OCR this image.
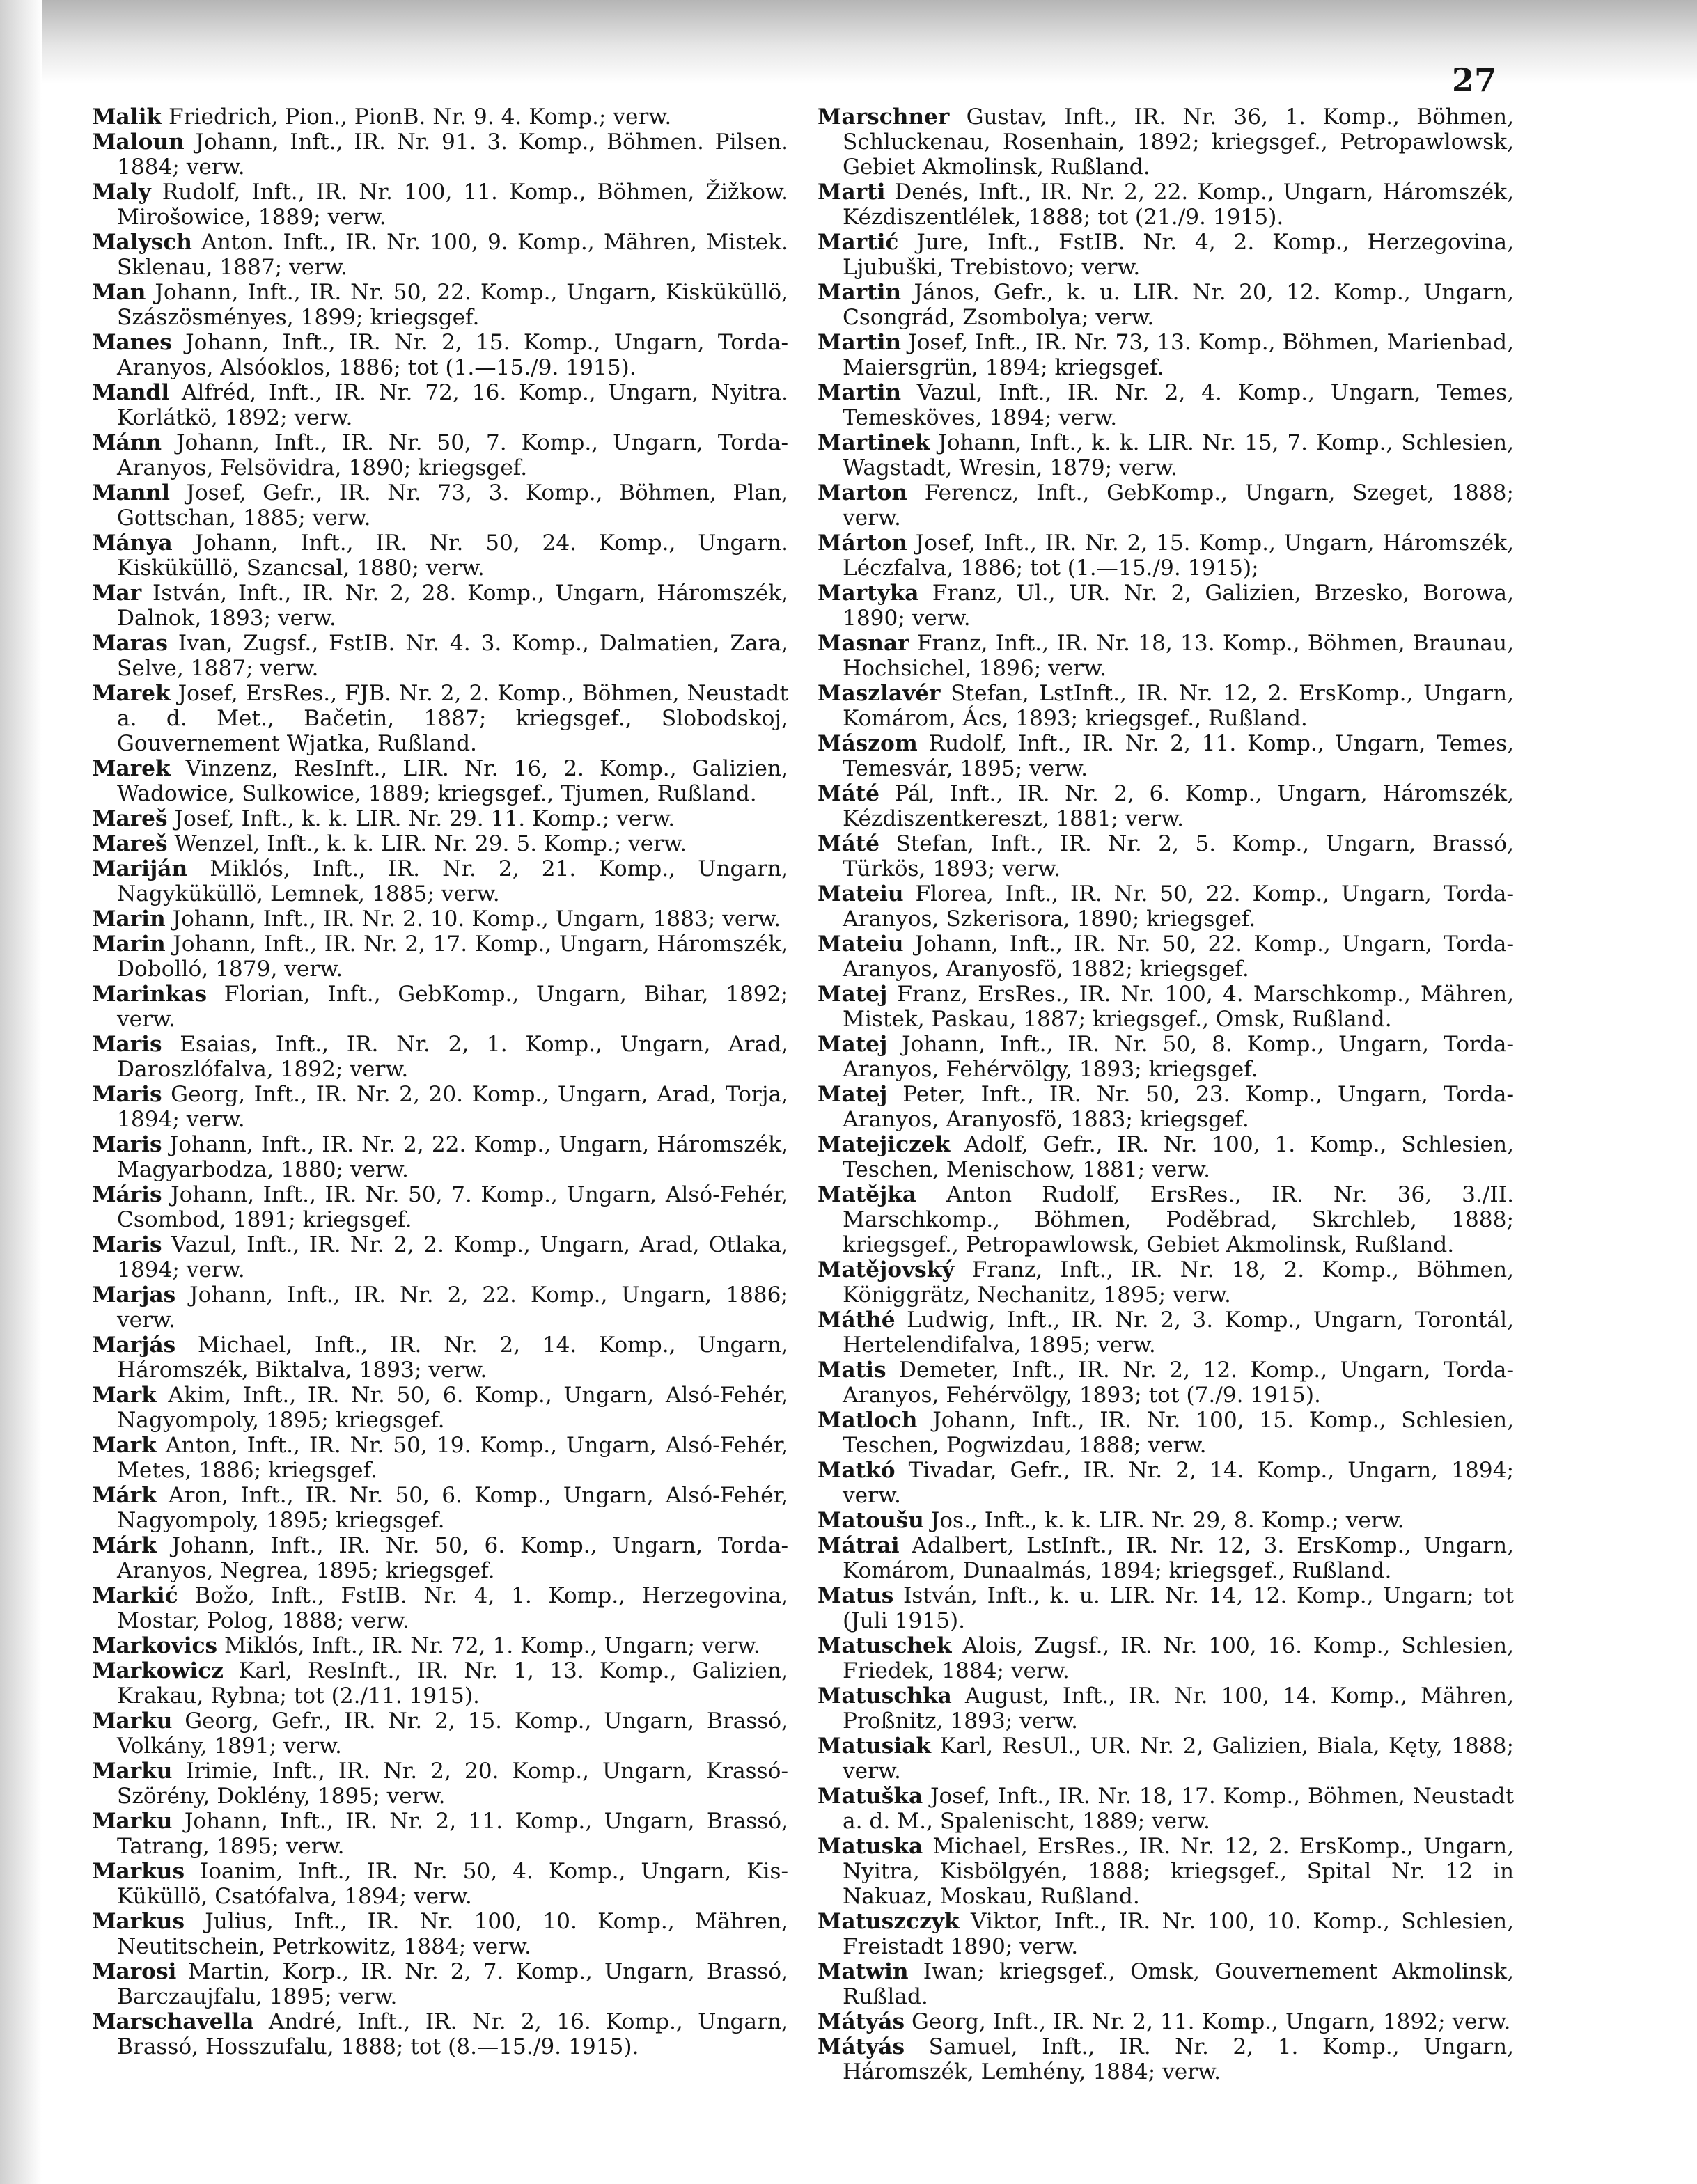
27

Malik Friedrich, Pion., PionB. Nr. 9. 4. Komp.; verw.

Maloun Johann, Inft., IR. Nr. 91. 3. Komp., Böhmen. Pilsen. 1884; verw.

Maly Rudolf, Inft., IR. Nr. 100, 11. Komp., Böhmen, Žižkow. Mirošowice, 1889; verw.

Malysch Anton. Inft., IR. Nr. 100, 9. Komp., Mähren, Mistek. Sklenau, 1887; verw.

Man Johann, Inft., IR. Nr. 50, 22. Komp., Ungarn, Kisküküllö, Szászösményes, 1899; kriegsgef.

Manes Johann, Inft., IR. Nr. 2, 15. Komp., Ungarn, Torda-Aranyos, Alsóoklos, 1886; tot (1.—15./9. 1915).

Mandl Alfréd, Inft., IR. Nr. 72, 16. Komp., Ungarn, Nyitra. Korlátkö, 1892; verw.

Mánn Johann, Inft., IR. Nr. 50, 7. Komp., Ungarn, Torda-Aranyos, Felsövidra, 1890; kriegsgef.

Mannl Josef, Gefr., IR. Nr. 73, 3. Komp., Böhmen, Plan, Gottschan, 1885; verw.

Mánya Johann, Inft., IR. Nr. 50, 24. Komp., Ungarn. Kisküküllö, Szancsal, 1880; verw.

Mar István, Inft., IR. Nr. 2, 28. Komp., Ungarn, Háromszék, Dalnok, 1893; verw.

Maras Ivan, Zugsf., FstIB. Nr. 4. 3. Komp., Dalmatien, Zara, Selve, 1887; verw.

Marek Josef, ErsRes., FJB. Nr. 2, 2. Komp., Böhmen, Neustadt a. d. Met., Bačetin, 1887; kriegsgef., Slobodskoj, Gouvernement Wjatka, Rußland.

Marek Vinzenz, ResInft., LIR. Nr. 16, 2. Komp., Galizien, Wadowice, Sulkowice, 1889; kriegsgef., Tjumen, Rußland.

Mareš Josef, Inft., k. k. LIR. Nr. 29. 11. Komp.; verw.

Mareš Wenzel, Inft., k. k. LIR. Nr. 29. 5. Komp.; verw.

Mariján Miklós, Inft., IR. Nr. 2, 21. Komp., Ungarn, Nagyküküllö, Lemnek, 1885; verw.

Marin Johann, Inft., IR. Nr. 2. 10. Komp., Ungarn, 1883; verw.

Marin Johann, Inft., IR. Nr. 2, 17. Komp., Ungarn, Háromszék, Dobolló, 1879, verw.

Marinkas Florian, Inft., GebKomp., Ungarn, Bihar, 1892; verw.

Maris Esaias, Inft., IR. Nr. 2, 1. Komp., Ungarn, Arad, Daroszlófalva, 1892; verw.

Maris Georg, Inft., IR. Nr. 2, 20. Komp., Ungarn, Arad, Torja, 1894; verw.

Maris Johann, Inft., IR. Nr. 2, 22. Komp., Ungarn, Háromszék, Magyarbodza, 1880; verw.

Máris Johann, Inft., IR. Nr. 50, 7. Komp., Ungarn, Alsó-Fehér, Csombod, 1891; kriegsgef.

Maris Vazul, Inft., IR. Nr. 2, 2. Komp., Ungarn, Arad, Otlaka, 1894; verw.

Marjas Johann, Inft., IR. Nr. 2, 22. Komp., Ungarn, 1886; verw.

Marjás Michael, Inft., IR. Nr. 2, 14. Komp., Ungarn, Háromszék, Biktalva, 1893; verw.

Mark Akim, Inft., IR. Nr. 50, 6. Komp., Ungarn, Alsó-Fehér, Nagyompoly, 1895; kriegsgef.

Mark Anton, Inft., IR. Nr. 50, 19. Komp., Ungarn, Alsó-Fehér, Metes, 1886; kriegsgef.

Márk Aron, Inft., IR. Nr. 50, 6. Komp., Ungarn, Alsó-Fehér, Nagyompoly, 1895; kriegsgef.

Márk Johann, Inft., IR. Nr. 50, 6. Komp., Ungarn, Torda-Aranyos, Negrea, 1895; kriegsgef.

Markić Božo, Inft., FstIB. Nr. 4, 1. Komp., Herzegovina, Mostar, Polog, 1888; verw.

Markovics Miklós, Inft., IR. Nr. 72, 1. Komp., Ungarn; verw.

Markowicz Karl, ResInft., IR. Nr. 1, 13. Komp., Galizien, Krakau, Rybna; tot (2./11. 1915).

Marku Georg, Gefr., IR. Nr. 2, 15. Komp., Ungarn, Brassó, Volkány, 1891; verw.

Marku Irimie, Inft., IR. Nr. 2, 20. Komp., Ungarn, Krassó-Szörény, Doklény, 1895; verw.

Marku Johann, Inft., IR. Nr. 2, 11. Komp., Ungarn, Brassó, Tatrang, 1895; verw.

Markus Ioanim, Inft., IR. Nr. 50, 4. Komp., Ungarn, Kis-Küküllö, Csatófalva, 1894; verw.

Markus Julius, Inft., IR. Nr. 100, 10. Komp., Mähren, Neutitschein, Petrkowitz, 1884; verw.

Marosi Martin, Korp., IR. Nr. 2, 7. Komp., Ungarn, Brassó, Barczaujfalu, 1895; verw.

Marschavella André, Inft., IR. Nr. 2, 16. Komp., Ungarn, Brassó, Hosszufalu, 1888; tot (8.—15./9. 1915).

Marschner Gustav, Inft., IR. Nr. 36, 1. Komp., Böhmen, Schluckenau, Rosenhain, 1892; kriegsgef., Petropawlowsk, Gebiet Akmolinsk, Rußland.

Marti Denés, Inft., IR. Nr. 2, 22. Komp., Ungarn, Háromszék, Kézdiszentlélek, 1888; tot (21./9. 1915).

Martić Jure, Inft., FstIB. Nr. 4, 2. Komp., Herzegovina, Ljubuški, Trebistovo; verw.

Martin János, Gefr., k. u. LIR. Nr. 20, 12. Komp., Ungarn, Csongrád, Zsombolya; verw.

Martin Josef, Inft., IR. Nr. 73, 13. Komp., Böhmen, Marienbad, Maiersgrün, 1894; kriegsgef.

Martin Vazul, Inft., IR. Nr. 2, 4. Komp., Ungarn, Temes, Temesköves, 1894; verw.

Martinek Johann, Inft., k. k. LIR. Nr. 15, 7. Komp., Schlesien, Wagstadt, Wresin, 1879; verw.

Marton Ferencz, Inft., GebKomp., Ungarn, Szeget, 1888; verw.

Márton Josef, Inft., IR. Nr. 2, 15. Komp., Ungarn, Háromszék, Léczfalva, 1886; tot (1.—15./9. 1915);

Martyka Franz, Ul., UR. Nr. 2, Galizien, Brzesko, Borowa, 1890; verw.

Masnar Franz, Inft., IR. Nr. 18, 13. Komp., Böhmen, Braunau, Hochsichel, 1896; verw.

Maszlavér Stefan, LstInft., IR. Nr. 12, 2. ErsKomp., Ungarn, Komárom, Ács, 1893; kriegsgef., Rußland.

Mászom Rudolf, Inft., IR. Nr. 2, 11. Komp., Ungarn, Temes, Temesvár, 1895; verw.

Máté Pál, Inft., IR. Nr. 2, 6. Komp., Ungarn, Háromszék, Kézdiszentkereszt, 1881; verw.

Máté Stefan, Inft., IR. Nr. 2, 5. Komp., Ungarn, Brassó, Türkös, 1893; verw.

Mateiu Florea, Inft., IR. Nr. 50, 22. Komp., Ungarn, Torda-Aranyos, Szkerisora, 1890; kriegsgef.

Mateiu Johann, Inft., IR. Nr. 50, 22. Komp., Ungarn, Torda-Aranyos, Aranyosfö, 1882; kriegsgef.

Matej Franz, ErsRes., IR. Nr. 100, 4. Marschkomp., Mähren, Mistek, Paskau, 1887; kriegsgef., Omsk, Rußland.

Matej Johann, Inft., IR. Nr. 50, 8. Komp., Ungarn, Torda-Aranyos, Fehérvölgy, 1893; kriegsgef.

Matej Peter, Inft., IR. Nr. 50, 23. Komp., Ungarn, Torda-Aranyos, Aranyosfö, 1883; kriegsgef.

Matejiczek Adolf, Gefr., IR. Nr. 100, 1. Komp., Schlesien, Teschen, Menischow, 1881; verw.

Matějka Anton Rudolf, ErsRes., IR. Nr. 36, 3./II. Marschkomp., Böhmen, Poděbrad, Skrchleb, 1888; kriegsgef., Petropawlowsk, Gebiet Akmolinsk, Rußland.

Matějovský Franz, Inft., IR. Nr. 18, 2. Komp., Böhmen, Königgrätz, Nechanitz, 1895; verw.

Máthé Ludwig, Inft., IR. Nr. 2, 3. Komp., Ungarn, Torontál, Hertelendifalva, 1895; verw.

Matis Demeter, Inft., IR. Nr. 2, 12. Komp., Ungarn, Torda-Aranyos, Fehérvölgy, 1893; tot (7./9. 1915).

Matloch Johann, Inft., IR. Nr. 100, 15. Komp., Schlesien, Teschen, Pogwizdau, 1888; verw.

Matkó Tivadar, Gefr., IR. Nr. 2, 14. Komp., Ungarn, 1894; verw.

Matoušu Jos., Inft., k. k. LIR. Nr. 29, 8. Komp.; verw.

Mátrai Adalbert, LstInft., IR. Nr. 12, 3. ErsKomp., Ungarn, Komárom, Dunaalmás, 1894; kriegsgef., Rußland.

Matus István, Inft., k. u. LIR. Nr. 14, 12. Komp., Ungarn; tot (Juli 1915).

Matuschek Alois, Zugsf., IR. Nr. 100, 16. Komp., Schlesien, Friedek, 1884; verw.

Matuschka August, Inft., IR. Nr. 100, 14. Komp., Mähren, Proßnitz, 1893; verw.

Matusiak Karl, ResUl., UR. Nr. 2, Galizien, Biala, Kęty, 1888; verw.

Matuška Josef, Inft., IR. Nr. 18, 17. Komp., Böhmen, Neustadt a. d. M., Spalenischt, 1889; verw.

Matuska Michael, ErsRes., IR. Nr. 12, 2. ErsKomp., Ungarn, Nyitra, Kisbölgyén, 1888; kriegsgef., Spital Nr. 12 in Nakuaz, Moskau, Rußland.

Matuszczyk Viktor, Inft., IR. Nr. 100, 10. Komp., Schlesien, Freistadt 1890; verw.

Matwin Iwan; kriegsgef., Omsk, Gouvernement Akmolinsk, Rußlad.

Mátyás Georg, Inft., IR. Nr. 2, 11. Komp., Ungarn, 1892; verw.

Mátyás Samuel, Inft., IR. Nr. 2, 1. Komp., Ungarn, Háromszék, Lemhény, 1884; verw.
